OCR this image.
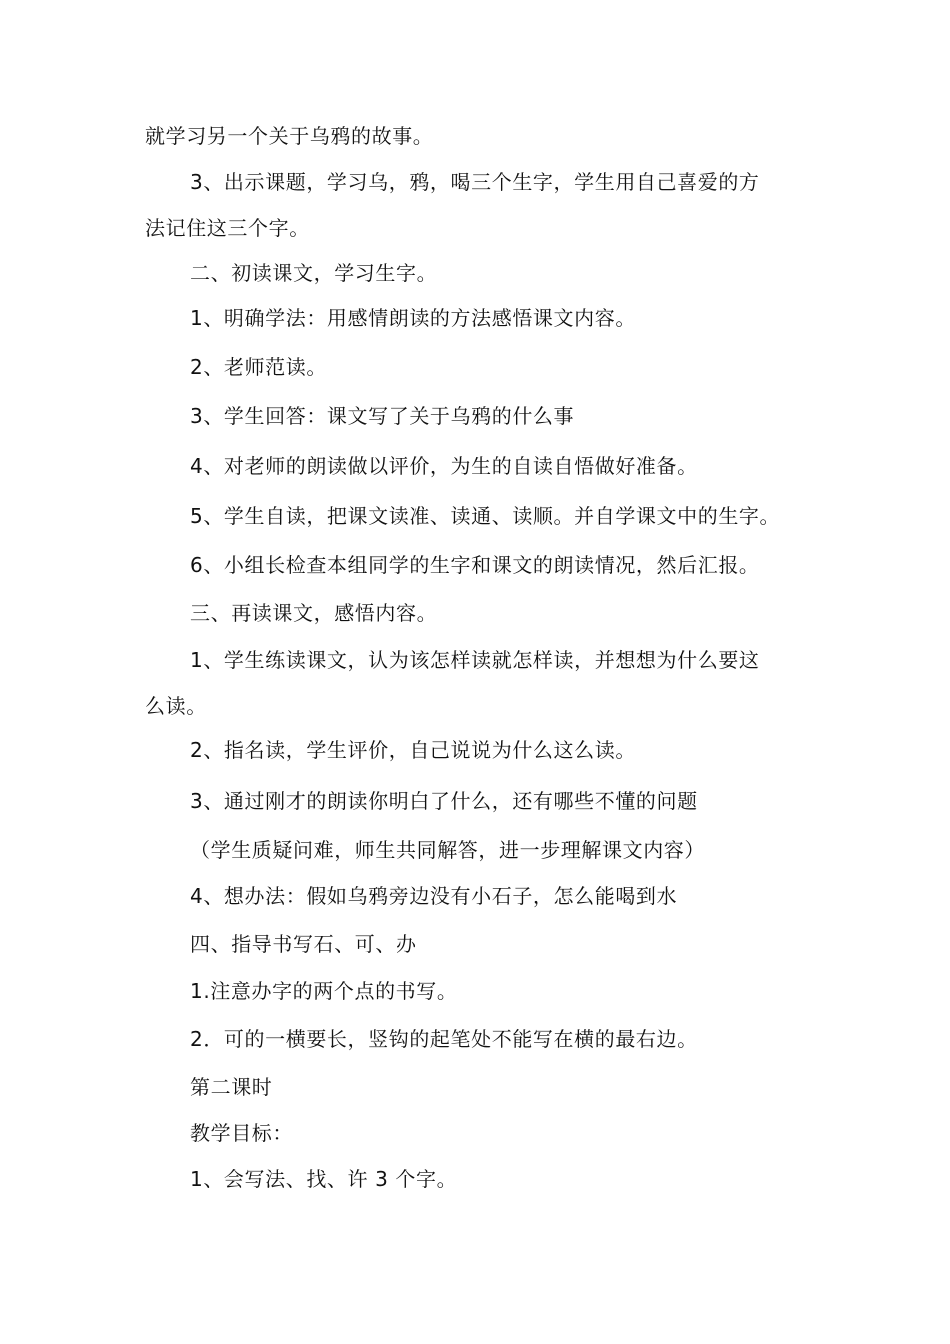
就学习另一个关于乌鸦的故事。
3、出示课题，学习乌，鸦，喝三个生字，学生用自己喜爱的方
法记住这三个字。
二、初读课文，学习生字。
1、明确学法：用感情朗读的方法感悟课文内容。
2、老师范读。
3、学生回答：课文写了关于乌鸦的什么事
4、对老师的朗读做以评价，为生的自读自悟做好准备。
5、学生自读，把课文读准、读通、读顺。并自学课文中的生字。
6、小组长检查本组同学的生字和课文的朗读情况，然后汇报。
三、再读课文，感悟内容。
1、学生练读课文，认为该怎样读就怎样读，并想想为什么要这
么读。
2、指名读，学生评价，自己说说为什么这么读。
3、通过刚才的朗读你明白了什么，还有哪些不懂的问题
（学生质疑问难，师生共同解答，进一步理解课文内容）
4、想办法：假如乌鸦旁边没有小石子，怎么能喝到水
四、指导书写石、可、办
1.注意办字的两个点的书写。
2．可的一横要长，竖钩的起笔处不能写在横的最右边。
第二课时
教学目标：
1、会写法、找、许 3 个字。
